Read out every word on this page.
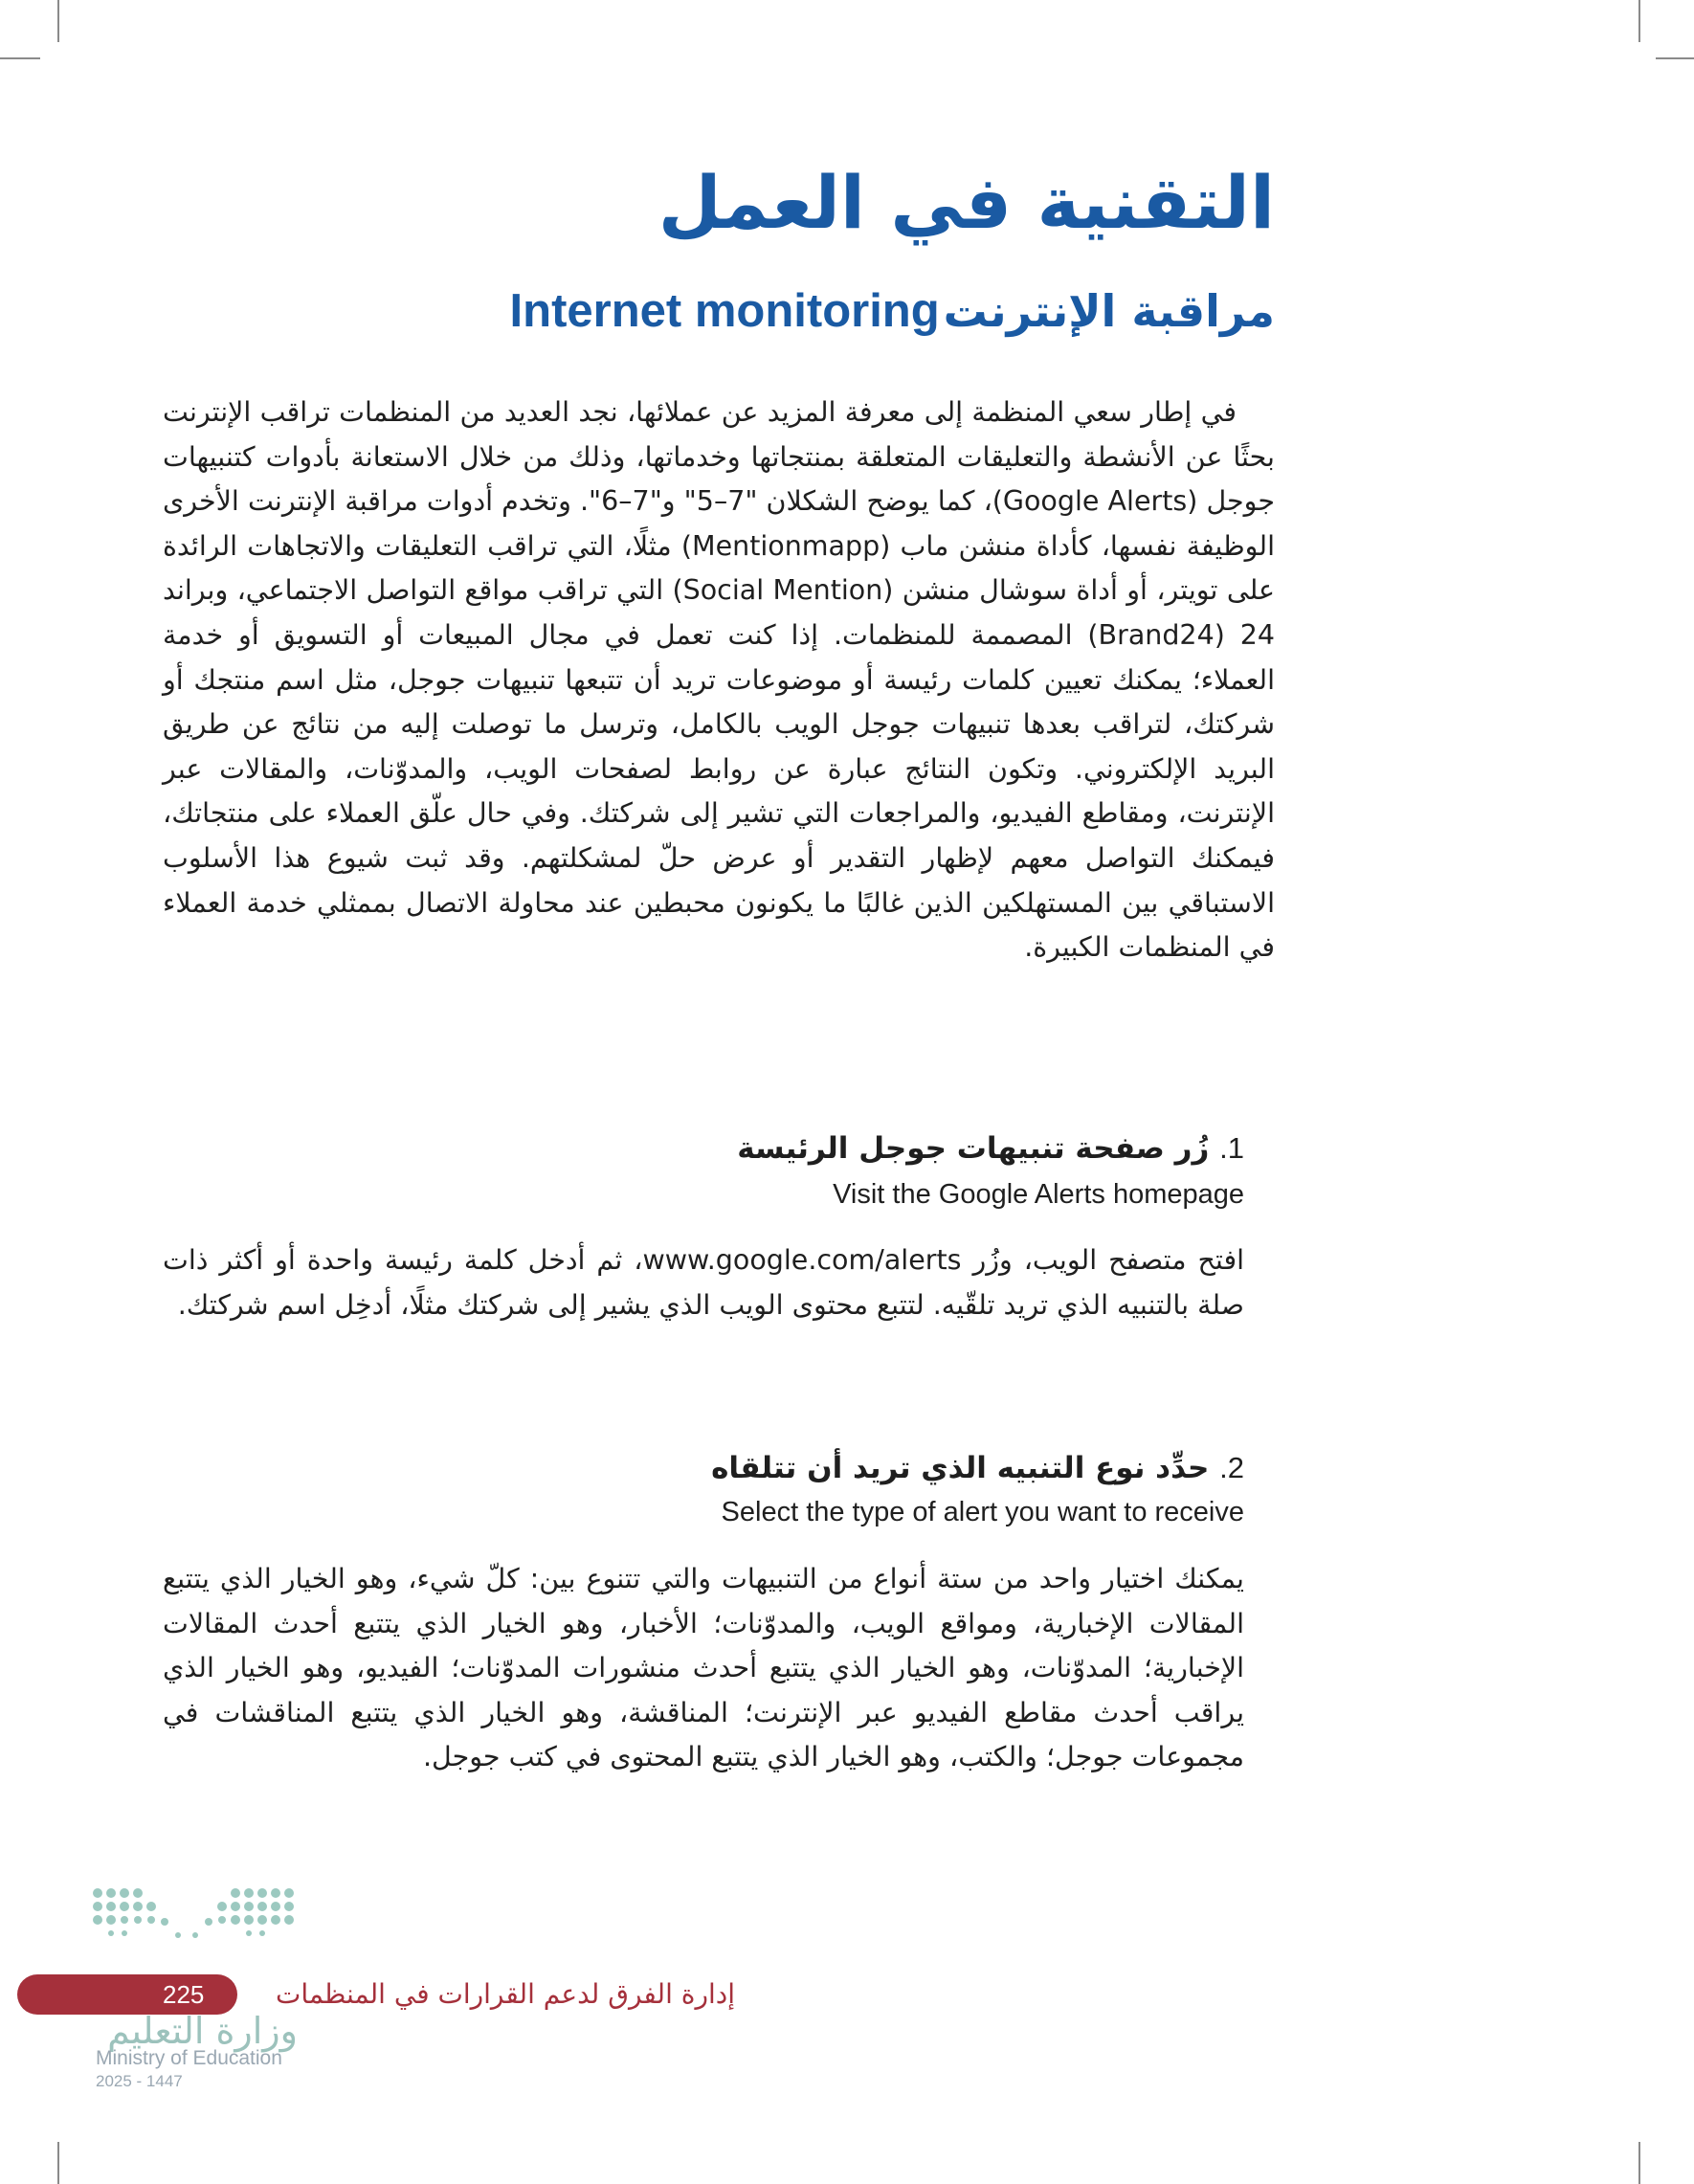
التقنية في العمل
مراقبة الإنترنتInternet monitoring

في إطار سعي المنظمة إلى معرفة المزيد عن عملائها، نجد العديد من المنظمات تراقب الإنترنت بحثًا عن الأنشطة والتعليقات المتعلقة بمنتجاتها وخدماتها، وذلك من خلال الاستعانة بأدوات كتنبيهات جوجل (Google Alerts)، كما يوضح الشكلان "7–5" و"7–6". وتخدم أدوات مراقبة الإنترنت الأخرى الوظيفة نفسها، كأداة منشن ماب (Mentionmapp) مثلًا، التي تراقب التعليقات والاتجاهات الرائدة على تويتر، أو أداة سوشال منشن (Social Mention) التي تراقب مواقع التواصل الاجتماعي، وبراند 24 (Brand24) المصممة للمنظمات. إذا كنت تعمل في مجال المبيعات أو التسويق أو خدمة العملاء؛ يمكنك تعيين كلمات رئيسة أو موضوعات تريد أن تتبعها تنبيهات جوجل، مثل اسم منتجك أو شركتك، لتراقب بعدها تنبيهات جوجل الويب بالكامل، وترسل ما توصلت إليه من نتائج عن طريق البريد الإلكتروني. وتكون النتائج عبارة عن روابط لصفحات الويب، والمدوّنات، والمقالات عبر الإنترنت، ومقاطع الفيديو، والمراجعات التي تشير إلى شركتك. وفي حال علّق العملاء على منتجاتك، فيمكنك التواصل معهم لإظهار التقدير أو عرض حلّ لمشكلتهم. وقد ثبت شيوع هذا الأسلوب الاستباقي بين المستهلكين الذين غالبًا ما يكونون محبطين عند محاولة الاتصال بممثلي خدمة العملاء في المنظمات الكبيرة.

1. زُر صفحة تنبيهات جوجل الرئيسة

Visit the Google Alerts homepage

افتح متصفح الويب، وزُر www.google.com/alerts، ثم أدخل كلمة رئيسة واحدة أو أكثر ذات صلة بالتنبيه الذي تريد تلقّيه. لتتبع محتوى الويب الذي يشير إلى شركتك مثلًا، أدخِل اسم شركتك.

2. حدِّد نوع التنبيه الذي تريد أن تتلقاه

Select the type of alert you want to receive

يمكنك اختيار واحد من ستة أنواع من التنبيهات والتي تتنوع بين: كلّ شيء، وهو الخيار الذي يتتبع المقالات الإخبارية، ومواقع الويب، والمدوّنات؛ الأخبار، وهو الخيار الذي يتتبع أحدث المقالات الإخبارية؛ المدوّنات، وهو الخيار الذي يتتبع أحدث منشورات المدوّنات؛ الفيديو، وهو الخيار الذي يراقب أحدث مقاطع الفيديو عبر الإنترنت؛ المناقشة، وهو الخيار الذي يتتبع المناقشات في مجموعات جوجل؛ والكتب، وهو الخيار الذي يتتبع المحتوى في كتب جوجل.

225	إدارة الفرق لدعم القرارات في المنظمات

وزارة التعليم
Ministry of Education
2025 - 1447
